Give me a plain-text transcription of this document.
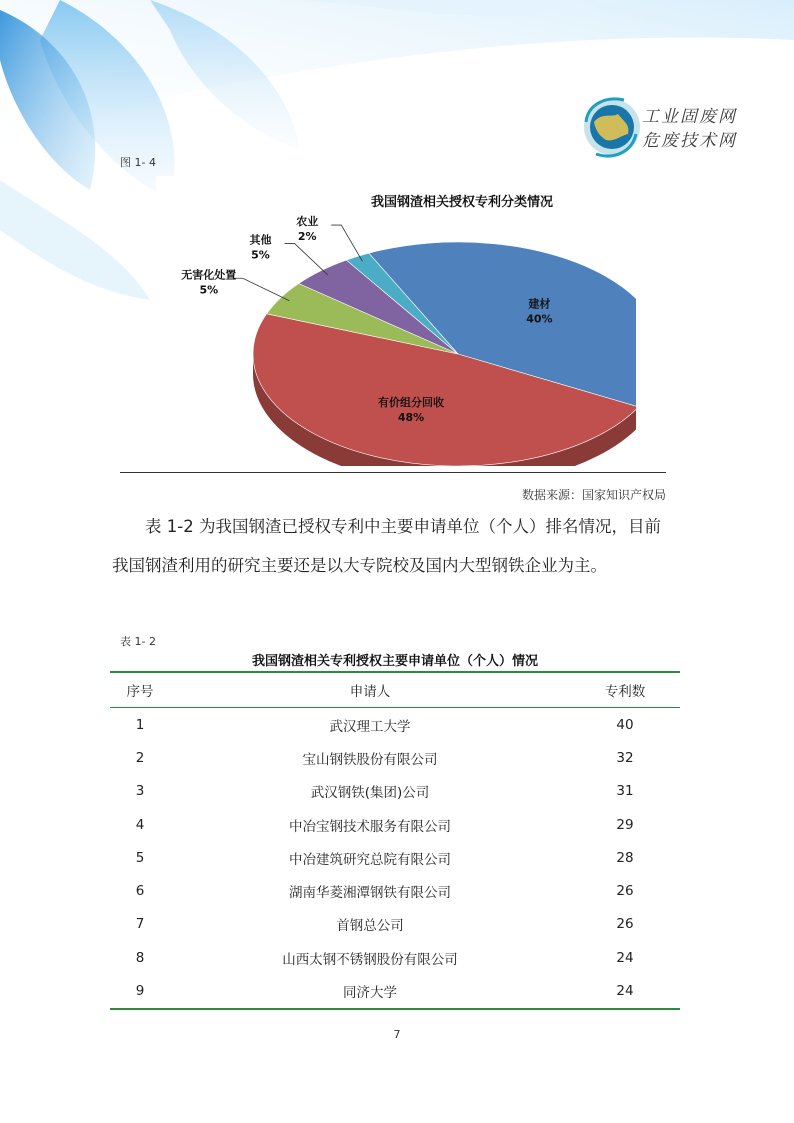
工业固废网
危废技术网
图 1- 4
我国钢渣相关授权专利分类情况
建材
40%
有价组分回收
48%
无害化处置
5%
其他
5%
农业
2%
数据来源：国家知识产权局
表 1-2 为我国钢渣已授权专利中主要申请单位（个人）排名情况，目前我国钢渣利用的研究主要还是以大专院校及国内大型钢铁企业为主。
表 1- 2
我国钢渣相关专利授权主要申请单位（个人）情况
序号	申请人	专利数
1	武汉理工大学	40
2	宝山钢铁股份有限公司	32
3	武汉钢铁(集团)公司	31
4	中冶宝钢技术服务有限公司	29
5	中冶建筑研究总院有限公司	28
6	湖南华菱湘潭钢铁有限公司	26
7	首钢总公司	26
8	山西太钢不锈钢股份有限公司	24
9	同济大学	24
7
